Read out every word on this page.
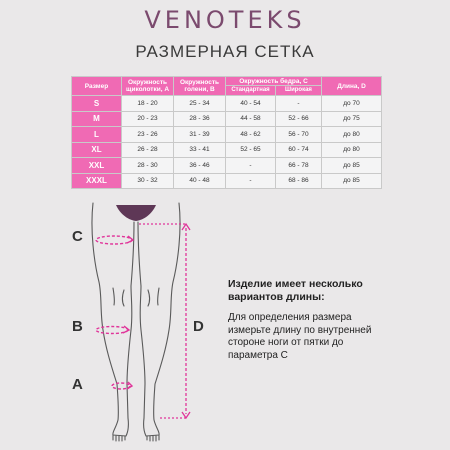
VENOTEKS
РАЗМЕРНАЯ СЕТКА
Размер	Окружность щиколотки, А	Окружность голени, В	Окружность бедра, С		Длина, D
			Стандартная	Широкая	
S	18 - 20	25 - 34	40 - 54	-	до 70
M	20 - 23	28 - 36	44 - 58	52 - 66	до 75
L	23 - 26	31 - 39	48 - 62	56 - 70	до 80
XL	26 - 28	33 - 41	52 - 65	60 - 74	до 80
XXL	28 - 30	36 - 46	-	66 - 78	до 85
XXXL	30 - 32	40 - 48	-	68 - 86	до 85
C
B
A
D
Изделие имеет несколько вариантов длины:
Для определения размера измерьте длину по внутренней стороне ноги от пятки до параметра С
